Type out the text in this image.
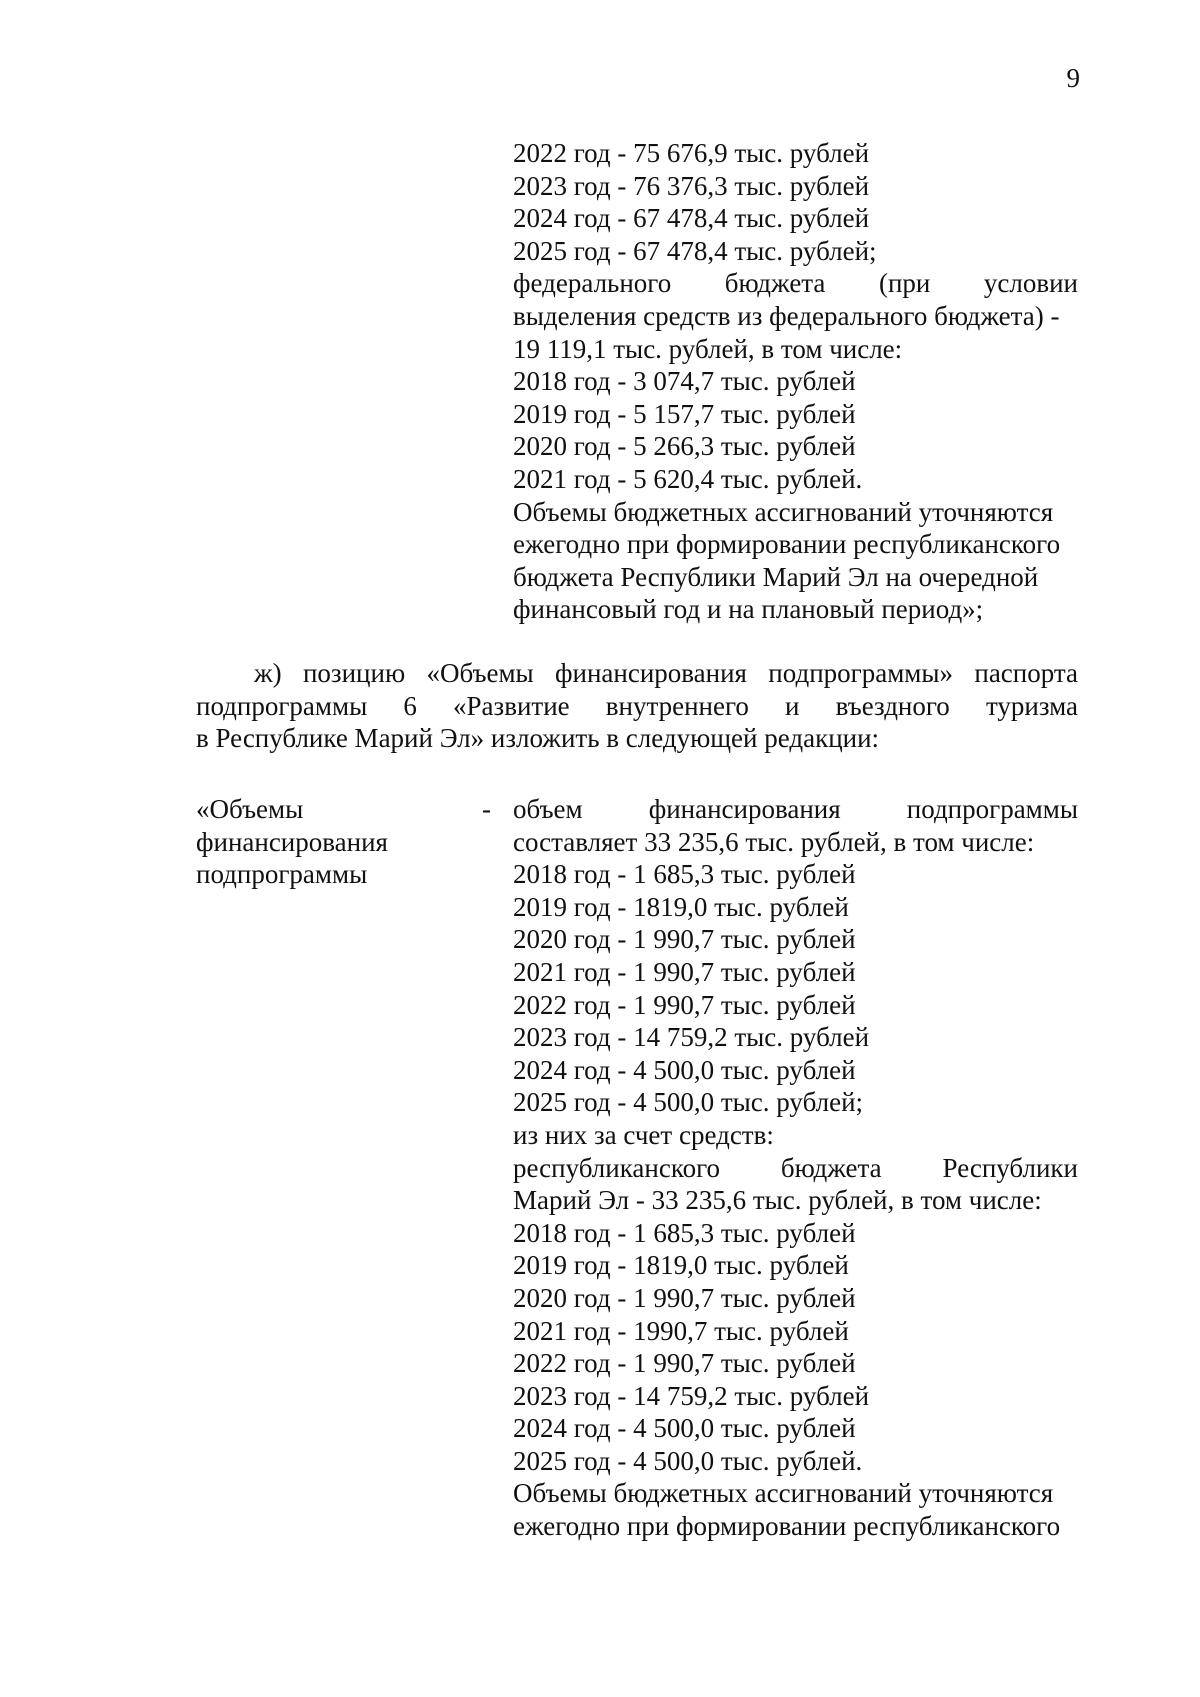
9
2022 год - 75 676,9 тыс. рублей
2023 год - 76 376,3 тыс. рублей
2024 год - 67 478,4 тыс. рублей
2025 год - 67 478,4 тыс. рублей;
федерального бюджета (при условии
выделения средств из федерального бюджета) -
19 119,1 тыс. рублей, в том числе:
2018 год - 3 074,7 тыс. рублей
2019 год - 5 157,7 тыс. рублей
2020 год - 5 266,3 тыс. рублей
2021 год - 5 620,4 тыс. рублей.
Объемы бюджетных ассигнований уточняются
ежегодно при формировании республиканского
бюджета Республики Марий Эл на очередной
финансовый год и на плановый период»;
ж) позицию «Объемы финансирования подпрограммы» паспорта
подпрограммы 6 «Развитие внутреннего и въездного туризма
в Республике Марий Эл» изложить в следующей редакции:
«Объемы
финансирования
подпрограммы
- объем финансирования подпрограммы
составляет 33 235,6 тыс. рублей, в том числе:
2018 год - 1 685,3 тыс. рублей
2019 год - 1819,0 тыс. рублей
2020 год - 1 990,7 тыс. рублей
2021 год - 1 990,7 тыс. рублей
2022 год - 1 990,7 тыс. рублей
2023 год - 14 759,2 тыс. рублей
2024 год - 4 500,0 тыс. рублей
2025 год - 4 500,0 тыс. рублей;
из них за счет средств:
республиканского бюджета Республики
Марий Эл - 33 235,6 тыс. рублей, в том числе:
2018 год - 1 685,3 тыс. рублей
2019 год - 1819,0 тыс. рублей
2020 год - 1 990,7 тыс. рублей
2021 год - 1990,7 тыс. рублей
2022 год - 1 990,7 тыс. рублей
2023 год - 14 759,2 тыс. рублей
2024 год - 4 500,0 тыс. рублей
2025 год - 4 500,0 тыс. рублей.
Объемы бюджетных ассигнований уточняются
ежегодно при формировании республиканского
